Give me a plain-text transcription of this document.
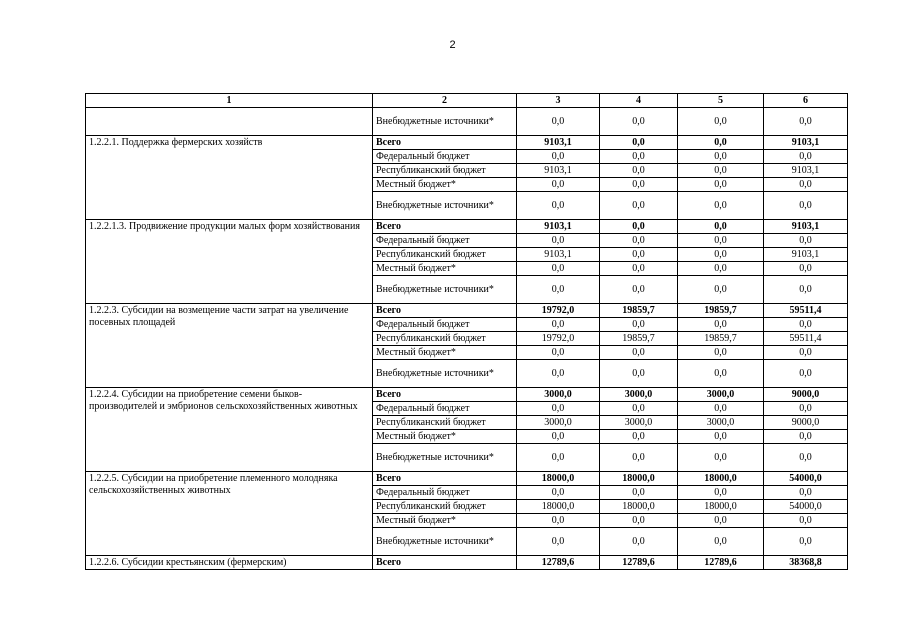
2
1	2	3	4	5	6
	Внебюджетные источники*	0,0	0,0	0,0	0,0
1.2.2.1. Поддержка фермерских хозяйств	Всего	9103,1	0,0	0,0	9103,1
	Федеральный бюджет	0,0	0,0	0,0	0,0
	Республиканский бюджет	9103,1	0,0	0,0	9103,1
	Местный бюджет*	0,0	0,0	0,0	0,0
	Внебюджетные источники*	0,0	0,0	0,0	0,0
1.2.2.1.3. Продвижение продукции малых форм хозяйствования	Всего	9103,1	0,0	0,0	9103,1
	Федеральный бюджет	0,0	0,0	0,0	0,0
	Республиканский бюджет	9103,1	0,0	0,0	9103,1
	Местный бюджет*	0,0	0,0	0,0	0,0
	Внебюджетные источники*	0,0	0,0	0,0	0,0
1.2.2.3. Субсидии на возмещение части затрат на увеличение посевных площадей	Всего	19792,0	19859,7	19859,7	59511,4
	Федеральный бюджет	0,0	0,0	0,0	0,0
	Республиканский бюджет	19792,0	19859,7	19859,7	59511,4
	Местный бюджет*	0,0	0,0	0,0	0,0
	Внебюджетные источники*	0,0	0,0	0,0	0,0
1.2.2.4. Субсидии на приобретение семени быков-производителей и эмбрионов сельскохозяйственных животных	Всего	3000,0	3000,0	3000,0	9000,0
	Федеральный бюджет	0,0	0,0	0,0	0,0
	Республиканский бюджет	3000,0	3000,0	3000,0	9000,0
	Местный бюджет*	0,0	0,0	0,0	0,0
	Внебюджетные источники*	0,0	0,0	0,0	0,0
1.2.2.5. Субсидии на приобретение племенного молодняка сельскохозяйственных животных	Всего	18000,0	18000,0	18000,0	54000,0
	Федеральный бюджет	0,0	0,0	0,0	0,0
	Республиканский бюджет	18000,0	18000,0	18000,0	54000,0
	Местный бюджет*	0,0	0,0	0,0	0,0
	Внебюджетные источники*	0,0	0,0	0,0	0,0
1.2.2.6. Субсидии крестьянским (фермерским)	Всего	12789,6	12789,6	12789,6	38368,8
